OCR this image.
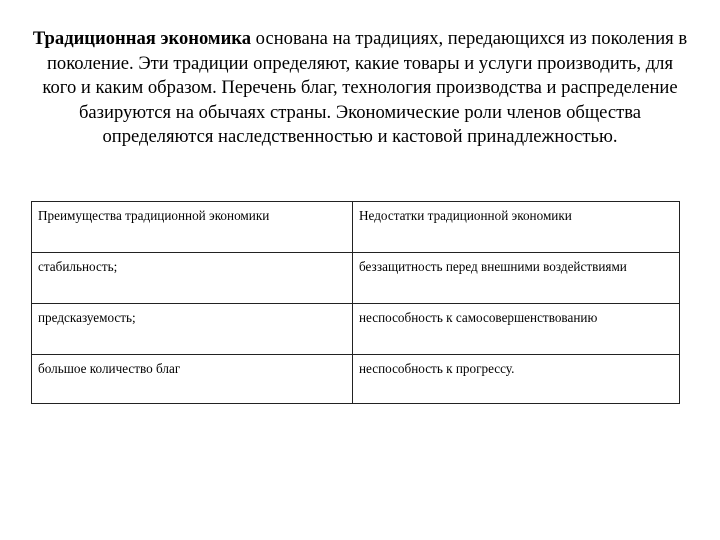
Традиционная экономика основана на традициях, передающихся из поколения в поколение. Эти традиции определяют, какие товары и услуги производить, для кого и каким образом. Перечень благ, технология производства и распределение базируются на обычаях страны. Экономические роли членов общества определяются наследственностью и кастовой принадлежностью.

Преимущества традиционной экономики	Недостатки традиционной экономики
стабильность;	беззащитность перед внешними воздействиями
предсказуемость;	неспособность к самосовершенствованию
большое количество благ	неспособность к прогрессу.
